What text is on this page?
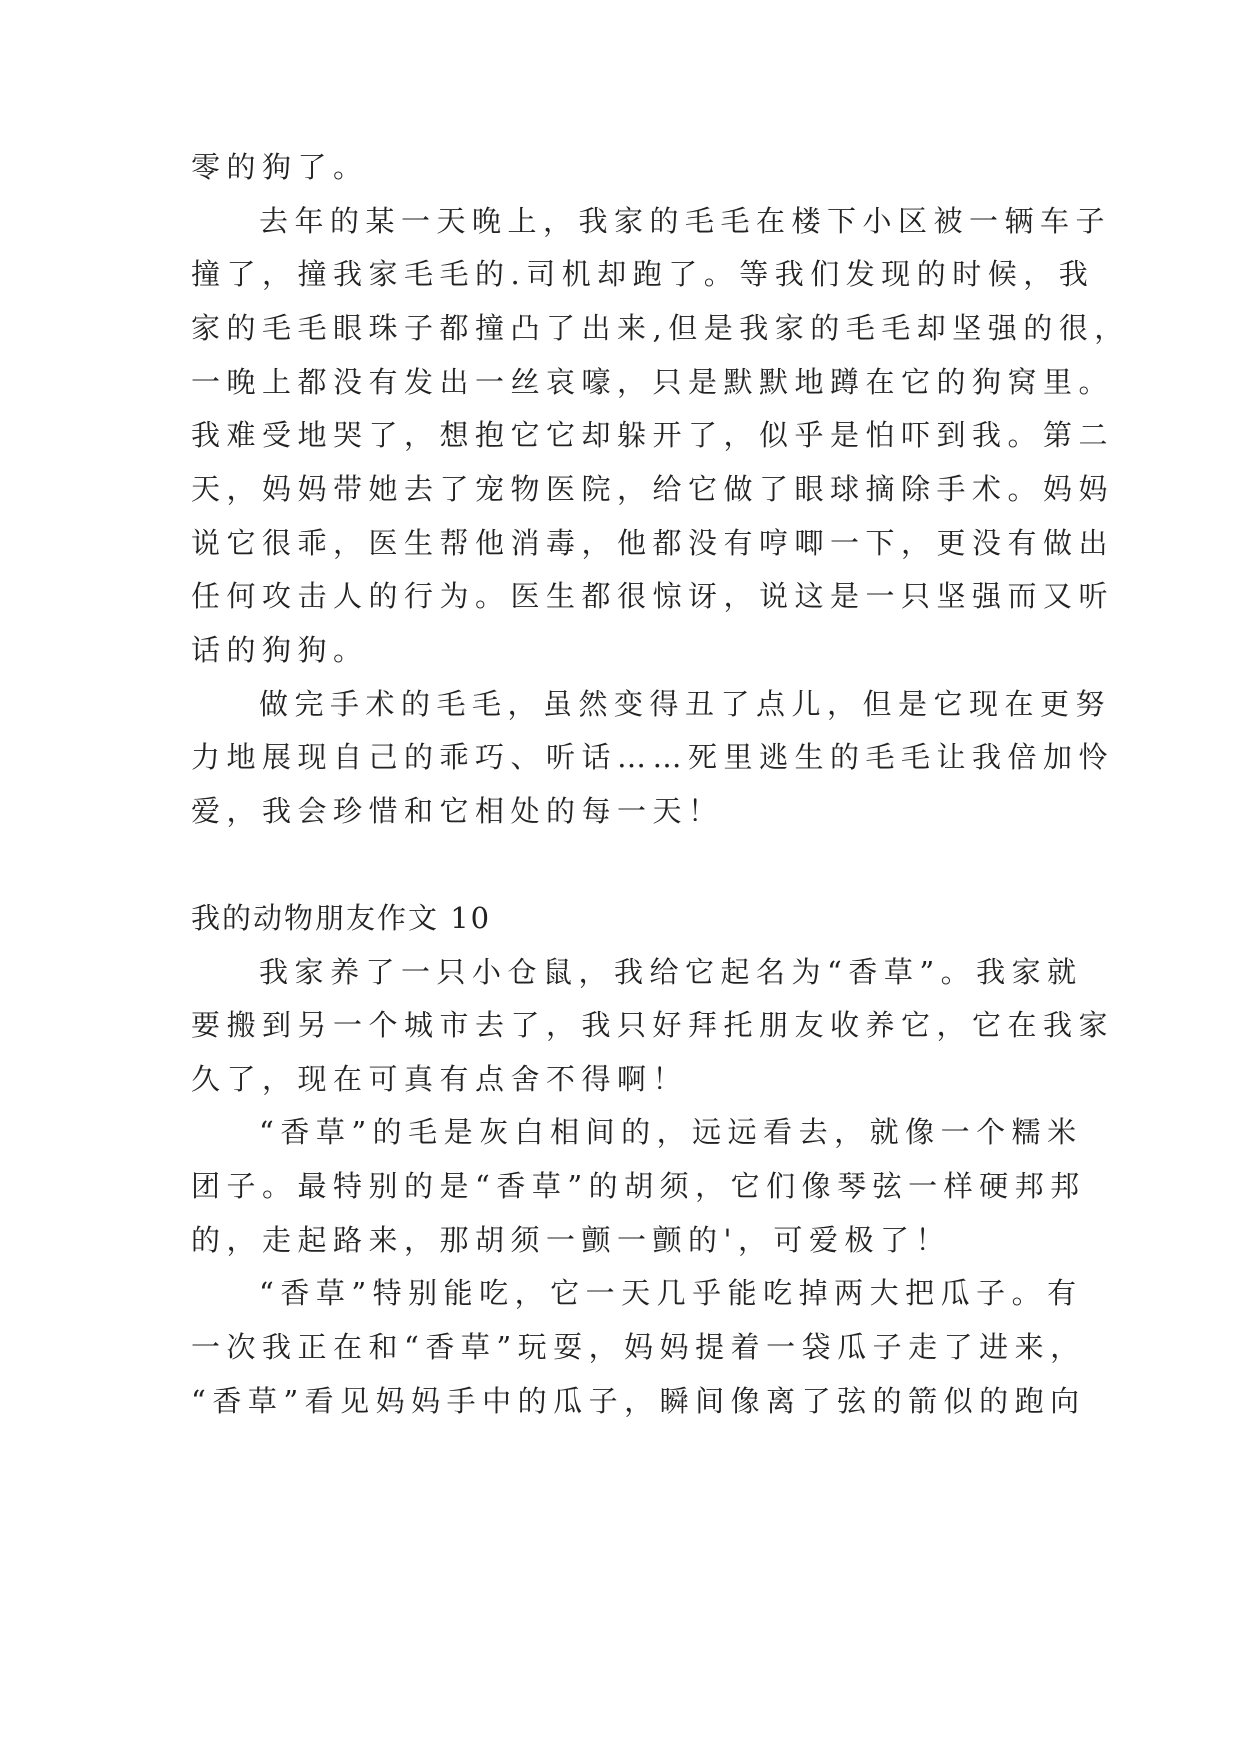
零的狗了。
去年的某一天晚上，我家的毛毛在楼下小区被一辆车子
撞了，撞我家毛毛的.司机却跑了。等我们发现的时候，我
家的毛毛眼珠子都撞凸了出来,但是我家的毛毛却坚强的很，
一晚上都没有发出一丝哀嚎，只是默默地蹲在它的狗窝里。
我难受地哭了，想抱它它却躲开了，似乎是怕吓到我。第二
天，妈妈带她去了宠物医院，给它做了眼球摘除手术。妈妈
说它很乖，医生帮他消毒，他都没有哼唧一下，更没有做出
任何攻击人的行为。医生都很惊讶，说这是一只坚强而又听
话的狗狗。
做完手术的毛毛，虽然变得丑了点儿，但是它现在更努
力地展现自己的乖巧、听话……死里逃生的毛毛让我倍加怜
爱，我会珍惜和它相处的每一天！
我的动物朋友作文 10
我家养了一只小仓鼠，我给它起名为“香草”。我家就
要搬到另一个城市去了，我只好拜托朋友收养它，它在我家
久了，现在可真有点舍不得啊！
“香草”的毛是灰白相间的，远远看去，就像一个糯米
团子。最特别的是“香草”的胡须，它们像琴弦一样硬邦邦
的，走起路来，那胡须一颤一颤的'，可爱极了！
“香草”特别能吃，它一天几乎能吃掉两大把瓜子。有
一次我正在和“香草”玩耍，妈妈提着一袋瓜子走了进来，
“香草”看见妈妈手中的瓜子，瞬间像离了弦的箭似的跑向
